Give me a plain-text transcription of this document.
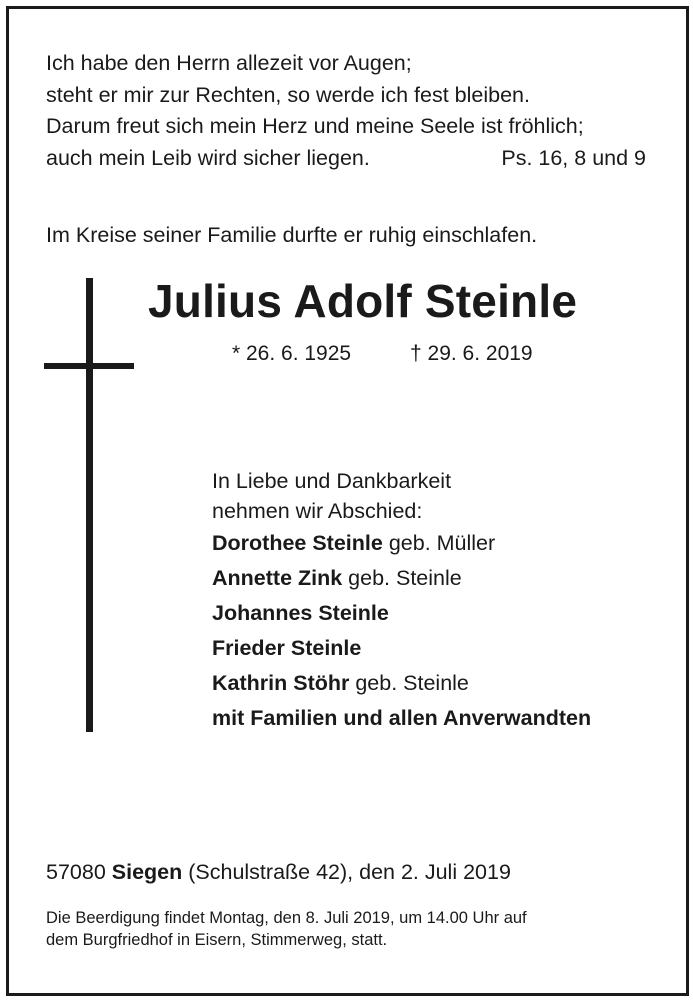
Ich habe den Herrn allezeit vor Augen;
steht er mir zur Rechten, so werde ich fest bleiben.
Darum freut sich mein Herz und meine Seele ist fröhlich;
auch mein Leib wird sicher liegen.	Ps. 16, 8 und 9
Im Kreise seiner Familie durfte er ruhig einschlafen.
Julius Adolf Steinle
* 26. 6. 1925	† 29. 6. 2019
In Liebe und Dankbarkeit
nehmen wir Abschied:
Dorothee Steinle geb. Müller
Annette Zink geb. Steinle
Johannes Steinle
Frieder Steinle
Kathrin Stöhr geb. Steinle
mit Familien und allen Anverwandten
57080 Siegen (Schulstraße 42), den 2. Juli 2019
Die Beerdigung findet Montag, den 8. Juli 2019, um 14.00 Uhr auf
dem Burgfriedhof in Eisern, Stimmerweg, statt.
